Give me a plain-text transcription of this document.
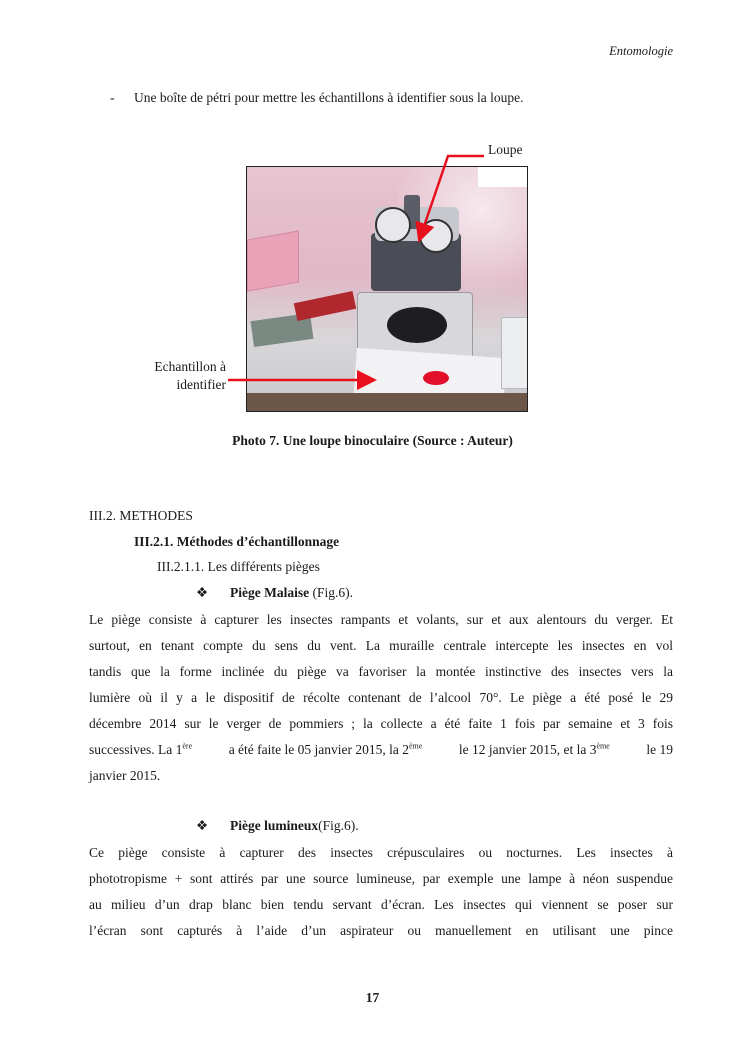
Entomologie
- Une boîte de pétri pour mettre les échantillons à identifier sous la loupe.
Loupe
Echantillon à
identifier
Photo 7. Une loupe binoculaire (Source : Auteur)
III.2. METHODES
III.2.1. Méthodes d’échantillonnage
III.2.1.1. Les différents pièges
❖ Piège Malaise (Fig.6).
Le piège consiste à capturer les insectes rampants et volants, sur et aux alentours du verger. Et
surtout, en tenant compte du sens du vent. La muraille centrale intercepte les insectes en vol
tandis que la forme inclinée du piège va favoriser la montée instinctive des insectes vers la
lumière où il y a le dispositif de récolte contenant de l’alcool 70°. Le piège a été posé le 29
décembre 2014 sur le verger de pommiers ; la collecte a été faite 1 fois par semaine et 3 fois
successives. La 1ère	a été faite le 05 janvier 2015, la 2ème	le 12 janvier 2015, et la 3ème	le 19
janvier 2015.
❖ Piège lumineux(Fig.6).
Ce piège consiste à capturer des insectes crépusculaires ou nocturnes. Les insectes à
phototropisme + sont attirés par une source lumineuse, par exemple une lampe à néon suspendue
au milieu d’un drap blanc bien tendu servant d’écran. Les insectes qui viennent se poser sur
l’écran sont capturés à l’aide d’un aspirateur ou manuellement en utilisant une pince
17
